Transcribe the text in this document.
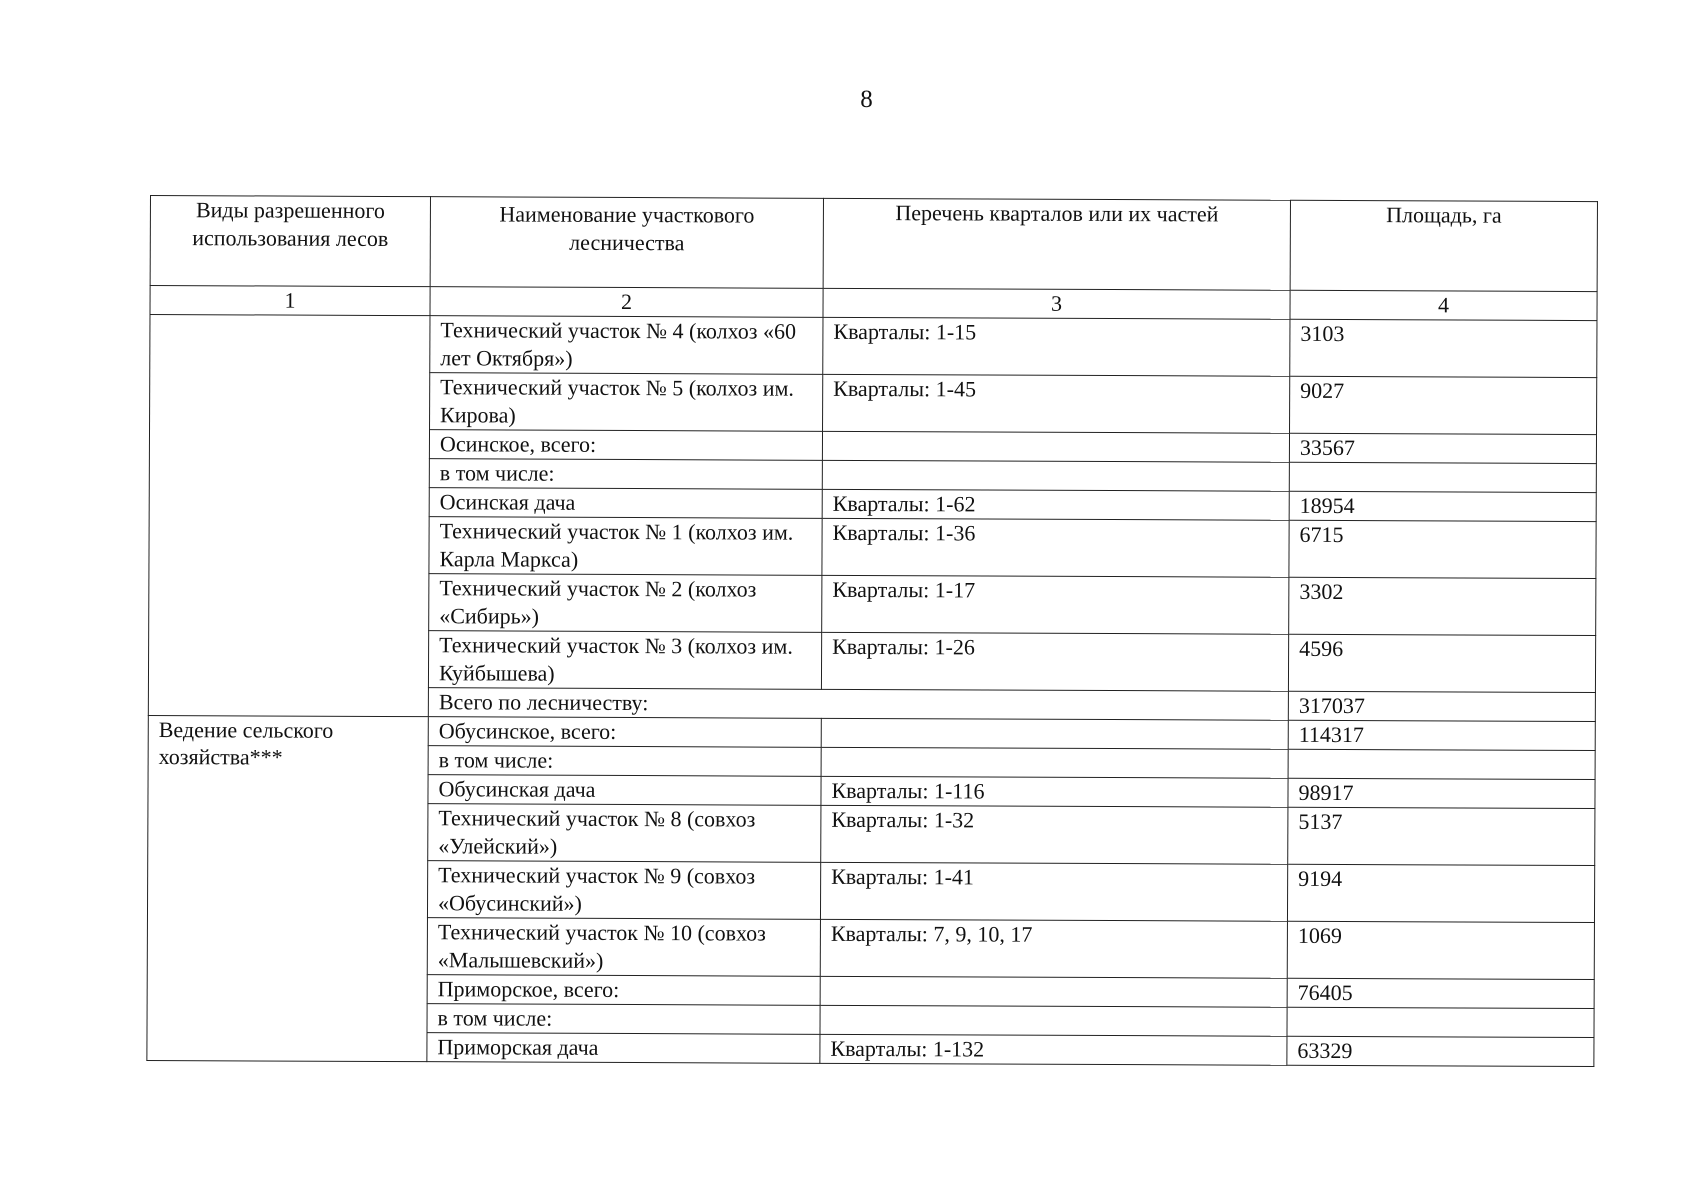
8
Виды разрешенного использования лесов	Наименование участкового лесничества	Перечень кварталов или их частей	Площадь, га
1	2	3	4
	Технический участок № 4 (колхоз «60 лет Октября»)	Кварталы: 1-15	3103
	Технический участок № 5 (колхоз им. Кирова)	Кварталы: 1-45	9027
	Осинское, всего:		33567
	в том числе:		
	Осинская дача	Кварталы: 1-62	18954
	Технический участок № 1 (колхоз им. Карла Маркса)	Кварталы: 1-36	6715
	Технический участок № 2 (колхоз «Сибирь»)	Кварталы: 1-17	3302
	Технический участок № 3 (колхоз им. Куйбышева)	Кварталы: 1-26	4596
	Всего по лесничеству:		317037
Ведение сельского хозяйства***	Обусинское, всего:		114317
	в том числе:		
	Обусинская дача	Кварталы: 1-116	98917
	Технический участок № 8 (совхоз «Улейский»)	Кварталы: 1-32	5137
	Технический участок № 9 (совхоз «Обусинский»)	Кварталы: 1-41	9194
	Технический участок № 10 (совхоз «Малышевский»)	Кварталы: 7, 9, 10, 17	1069
	Приморское, всего:		76405
	в том числе:		
	Приморская дача	Кварталы: 1-132	63329
